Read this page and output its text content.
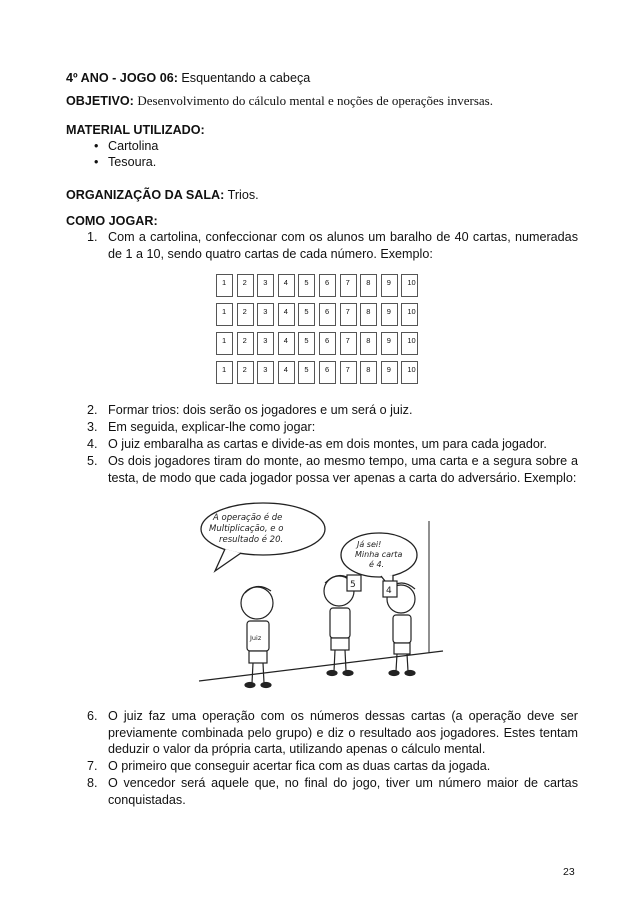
4º ANO - JOGO 06: Esquentando a cabeça
OBJETIVO: Desenvolvimento do cálculo mental e noções de operações inversas.
MATERIAL UTILIZADO:
• Cartolina
• Tesoura.
ORGANIZAÇÃO DA SALA: Trios.
COMO JOGAR:
1. Com a cartolina, confeccionar com os alunos um baralho de 40 cartas, numeradas de 1 a 10, sendo quatro cartas de cada número. Exemplo:
1	2	3	4	5	6	7	8	9	10
1	2	3	4	5	6	7	8	9	10
1	2	3	4	5	6	7	8	9	10
1	2	3	4	5	6	7	8	9	10
2. Formar trios: dois serão os jogadores e um será o juiz.
3. Em seguida, explicar-lhe como jogar:
4. O juiz embaralha as cartas e divide-as em dois montes, um para cada jogador.
5. Os dois jogadores tiram do monte, ao mesmo tempo, uma carta e a segura sobre a testa, de modo que cada jogador possa ver apenas a carta do adversário. Exemplo:
A operação é de
Multiplicação, e o
resultado é 20.	Já sei!
Minha carta
é 4.
Juiz
5
4
6. O juiz faz uma operação com os números dessas cartas (a operação deve ser previamente combinada pelo grupo) e diz o resultado aos jogadores. Estes tentam deduzir o valor da própria carta, utilizando apenas o cálculo mental.
7. O primeiro que conseguir acertar fica com as duas cartas da jogada.
8. O vencedor será aquele que, no final do jogo, tiver um número maior de cartas conquistadas.
23
